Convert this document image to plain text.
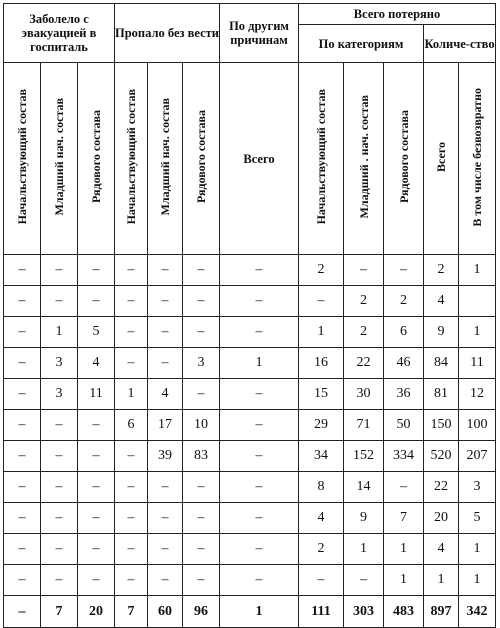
Заболело с эвакуацией в госпиталь			Пропало без вести			По другим причинам	Всего потеряно				
							По категориям			Количе-ство	
Начальствующий состав	Младший нач. состав	Рядового состава	Начальствующий состав	Младший нач. состав	Рядового состава	Всего	Начальствующий состав	Младший . нач. состав	Рядового состава	Всего	В том числе безвозвратно
–	–	–	–	–	–	–	2	–	–	2	1
–	–	–	–	–	–	–	–	2	2	4	
–	1	5	–	–	–	–	1	2	6	9	1
–	3	4	–	–	3	1	16	22	46	84	11
–	3	11	1	4	–	–	15	30	36	81	12
–	–	–	6	17	10	–	29	71	50	150	100
–	–	–	–	39	83	–	34	152	334	520	207
–	–	–	–	–	–	–	8	14	–	22	3
–	–	–	–	–	–	–	4	9	7	20	5
–	–	–	–	–	–	–	2	1	1	4	1
–	–	–	–	–	–	–	–	–	1	1	1
–	7	20	7	60	96	1	111	303	483	897	342
